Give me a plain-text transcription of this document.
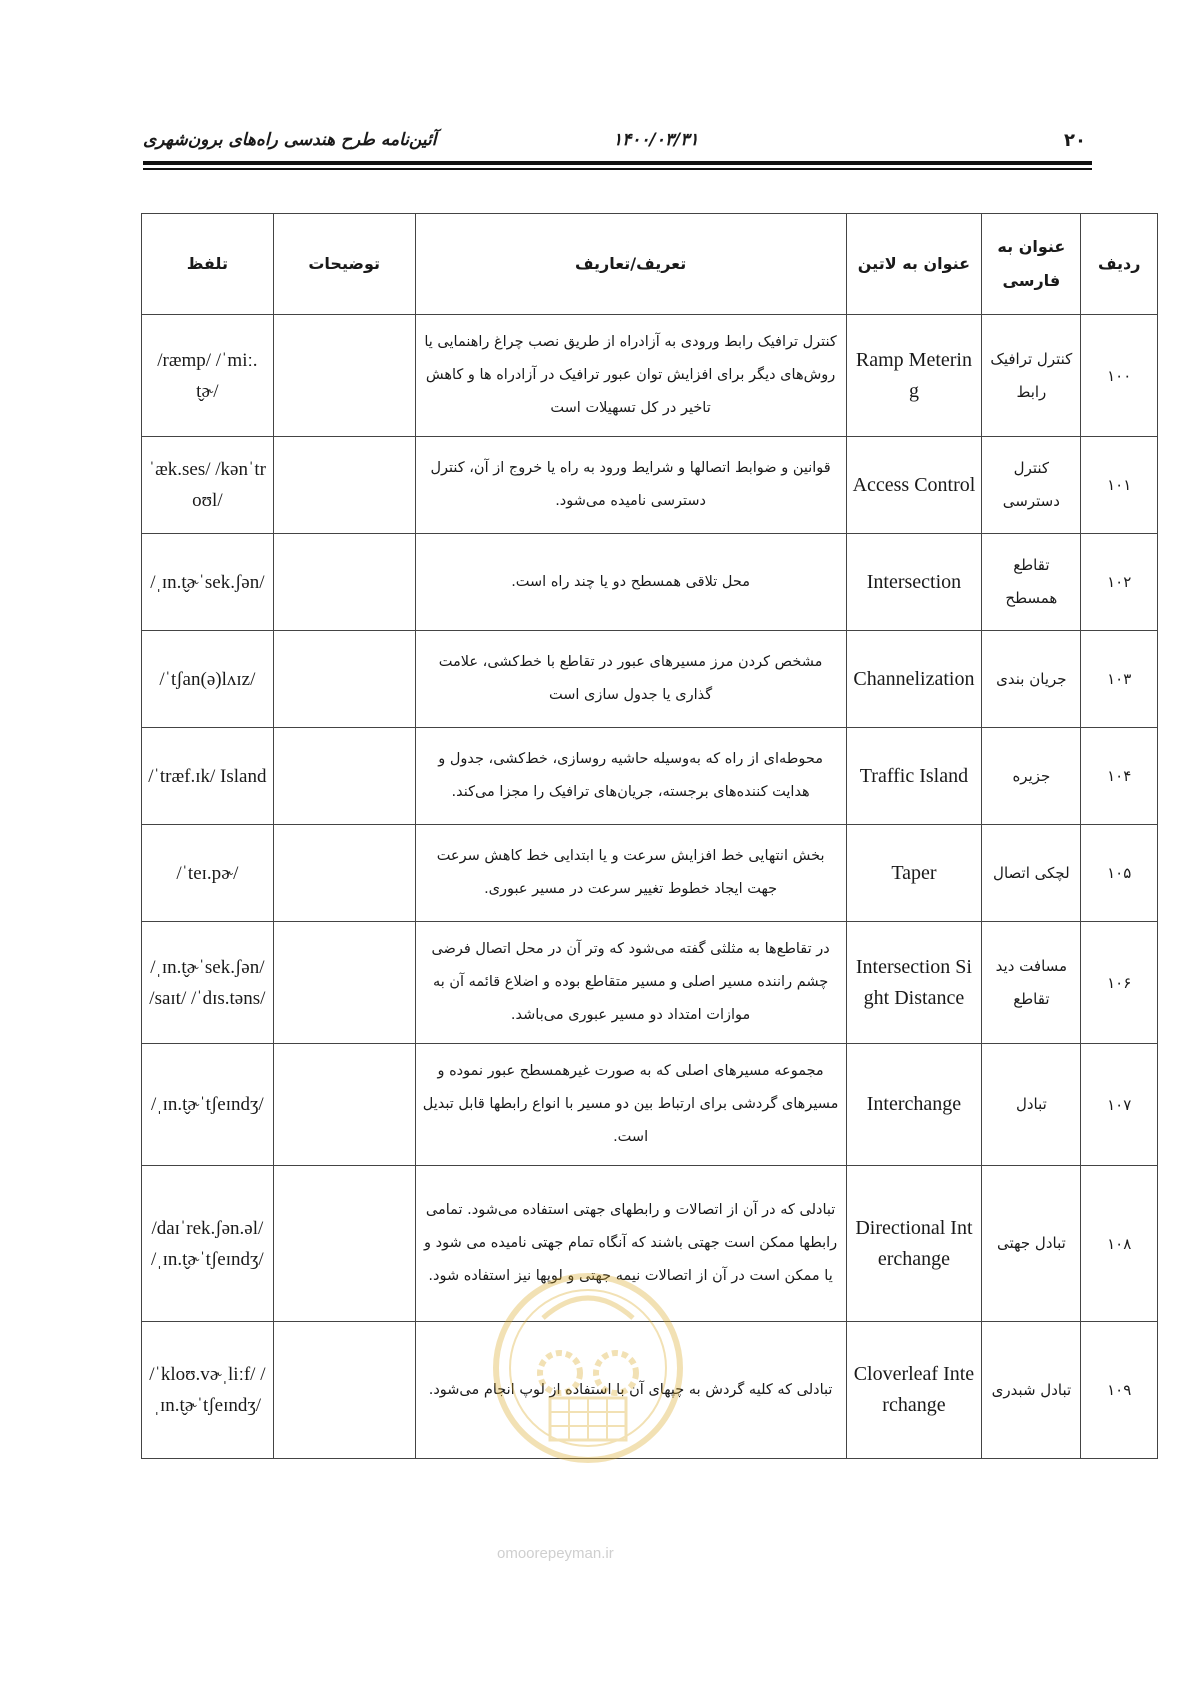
آئین‌نامه طرح هندسی راه‌های برون‌شهری	۱۴۰۰/۰۳/۳۱	۲۰
تلفظ	توضیحات	تعریف/تعاریف	عنوان به لاتین	عنوان به فارسی	ردیف
/ræmp/ /ˈmiː.t̬ɚ/		کنترل ترافیک رابط ورودی به آزادراه از طریق نصب چراغ راهنمایی یا روش‌های دیگر برای افزایش توان عبور ترافیک در آزادراه ها و کاهش تاخیر در کل تسهیلات است	Ramp Metering	کنترل ترافیک رابط	۱۰۰
ˈæk.ses/ /kənˈtroʊl/		قوانین و ضوابط اتصالها و شرایط ورود به راه یا خروج از آن، کنترل دسترسی نامیده می‌شود.	Access Control	کنترل دسترسی	۱۰۱
/ˌɪn.t̬ɚˈsek.ʃən/		محل تلاقی همسطح دو یا چند راه است.	Intersection	تقاطع همسطح	۱۰۲
/ˈtʃan(ə)lʌɪz/		مشخص کردن مرز مسیرهای عبور در تقاطع با خط‌کشی، علامت گذاری یا جدول سازی است	Channelization	جریان بندی	۱۰۳
/ˈtræf.ɪk/ Island		محوطه‌ای از راه که به‌وسیله حاشیه روسازی، خط‌کشی، جدول و هدایت کننده‌های برجسته، جریان‌های ترافیک را مجزا می‌کند.	Traffic Island	جزیره	۱۰۴
/ˈteɪ.pɚ/		بخش انتهایی خط افزایش سرعت و یا ابتدایی خط کاهش سرعت جهت ایجاد خطوط تغییر سرعت در مسیر عبوری.	Taper	لچکی اتصال	۱۰۵
/ˌɪn.t̬ɚˈsek.ʃən/ /saɪt/ /ˈdɪs.təns/		در تقاطع‌ها به مثلثی گفته می‌شود که وتر آن در محل اتصال فرضی چشم راننده مسیر اصلی و مسیر متقاطع بوده و اضلاع قائمه آن به موازات امتداد دو مسیر عبوری می‌باشد.	Intersection Sight Distance	مسافت دید تقاطع	۱۰۶
/ˌɪn.t̬ɚˈtʃeɪndʒ/		مجموعه مسیرهای اصلی که به صورت غیرهمسطح عبور نموده و مسیرهای گردشی برای ارتباط بین دو مسیر با انواع رابطها قابل تبدیل است.	Interchange	تبادل	۱۰۷
/daɪˈrek.ʃən.əl/ /ˌɪn.t̬ɚˈtʃeɪndʒ/		تبادلی که در آن از اتصالات و رابطهای جهتی استفاده می‌شود. تمامی رابطها ممکن است جهتی باشند که آنگاه تمام جهتی نامیده می شود و یا ممکن است در آن از اتصالات نیمه جهتی و لوپها نیز استفاده شود.	Directional Interchange	تبادل جهتی	۱۰۸
/ˈkloʊ.vɚˌliːf/ /ˌɪn.t̬ɚˈtʃeɪndʒ/		تبادلی که کلیه گردش به چپهای آن با استفاده از لوپ انجام می‌شود.	Cloverleaf Interchange	تبادل شبدری	۱۰۹
omoorepeyman.ir
